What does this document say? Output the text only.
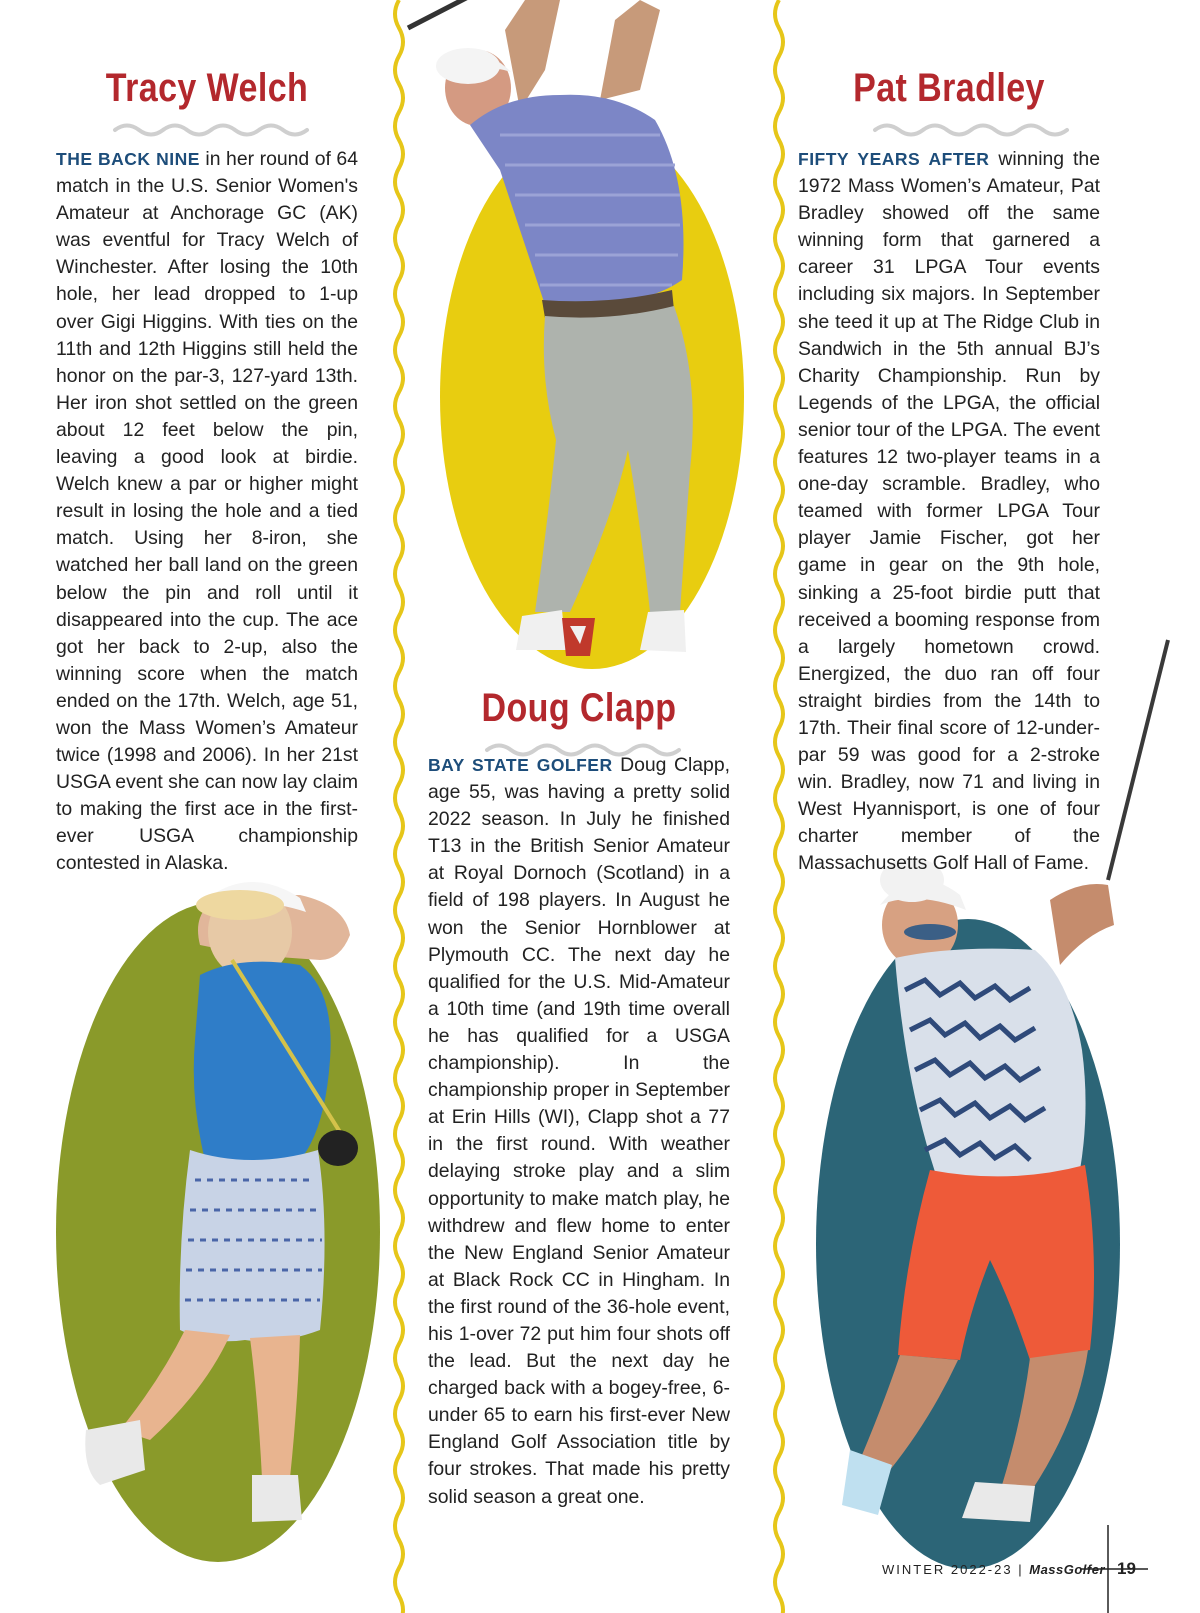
Tracy Welch
THE BACK NINE in her round of 64 match in the U.S. Senior Women's Amateur at Anchorage GC (AK) was eventful for Tracy Welch of Winchester. After losing the 10th hole, her lead dropped to 1-up over Gigi Higgins. With ties on the 11th and 12th Higgins still held the honor on the par-3, 127-yard 13th. Her iron shot settled on the green about 12 feet below the pin, leaving a good look at birdie. Welch knew a par or higher might result in losing the hole and a tied match. Using her 8-iron, she watched her ball land on the green below the pin and roll until it disappeared into the cup. The ace got her back to 2-up, also the winning score when the match ended on the 17th. Welch, age 51, won the Mass Women’s Amateur twice (1998 and 2006). In her 21st USGA event she can now lay claim to making the first ace in the first-ever USGA championship contested in Alaska.
Doug Clapp
BAY STATE GOLFER Doug Clapp, age 55, was having a pretty solid 2022 season. In July he finished T13 in the British Senior Amateur at Royal Dornoch (Scotland) in a field of 198 players. In August he won the Senior Hornblower at Plymouth CC. The next day he qualified for the U.S. Mid-Amateur a 10th time (and 19th time overall he has qualified for a USGA championship). In the championship proper in September at Erin Hills (WI), Clapp shot a 77 in the first round. With weather delaying stroke play and a slim opportunity to make match play, he withdrew and flew home to enter the New England Senior Amateur at Black Rock CC in Hingham. In the first round of the 36-hole event, his 1-over 72 put him four shots off the lead. But the next day he charged back with a bogey-free, 6-under 65 to earn his first-ever New England Golf Association title by four strokes. That made his pretty solid season a great one.
Pat Bradley
FIFTY YEARS AFTER winning the 1972 Mass Women’s Amateur, Pat Bradley showed off the same winning form that garnered a career 31 LPGA Tour events including six majors. In September she teed it up at The Ridge Club in Sandwich in the 5th annual BJ’s Charity Championship. Run by Legends of the LPGA, the official senior tour of the LPGA. The event features 12 two-player teams in a one-day scramble. Bradley, who teamed with former LPGA Tour player Jamie Fischer, got her game in gear on the 9th hole, sinking a 25-foot birdie putt that received a booming response from a largely hometown crowd. Energized, the duo ran off four straight birdies from the 14th to 17th. Their final score of 12-under-par 59 was good for a 2-stroke win. Bradley, now 71 and living in West Hyannisport, is one of four charter member of the Massachusetts Golf Hall of Fame.
WINTER 2022-23 | MassGolfer 19
